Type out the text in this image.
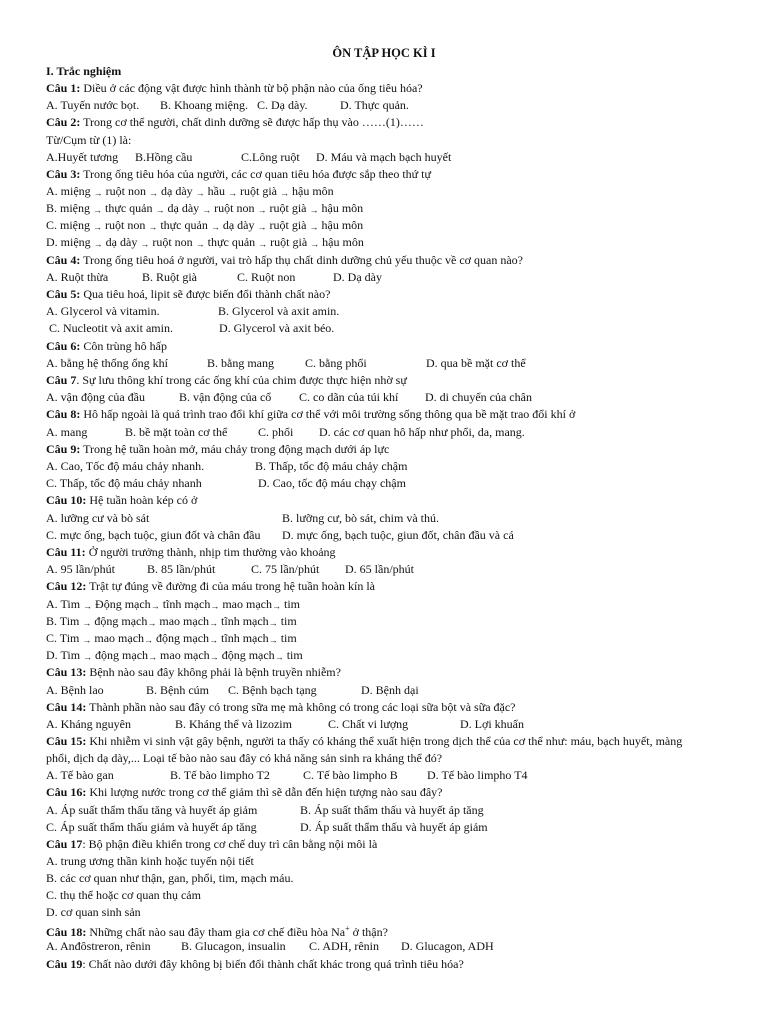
ÔN TẬP HỌC KÌ I
I. Trắc nghiệm
Câu 1: Diều ở các động vật được hình thành từ bộ phận nào của ống tiêu hóa?
A. Tuyến nước bọt. B. Khoang miệng. C. Dạ dày.	D. Thực quản.
Câu 2: Trong cơ thể người, chất dinh dưỡng sẽ được hấp thụ vào ……(1)……
Từ/Cụm từ (1) là:
A.Huyết tương B.Hồng cầu	C.Lông ruột D. Máu và mạch bạch huyết
Câu 3: Trong ống tiêu hóa của người, các cơ quan tiêu hóa được sắp theo thứ tự
A. miệng → ruột non → dạ dày → hầu → ruột già → hậu môn
B. miệng → thực quản → dạ dày → ruột non → ruột già → hậu môn
C. miệng → ruột non → thực quản → dạ dày → ruột già → hậu môn
D. miệng → dạ dày → ruột non → thực quản → ruột già → hậu môn
Câu 4: Trong ống tiêu hoá ở người, vai trò hấp thụ chất dinh dưỡng chủ yếu thuộc về cơ quan nào?
A. Ruột thừa	B. Ruột già	C. Ruột non	D. Dạ dày
Câu 5: Qua tiêu hoá, lipit sẽ được biến đổi thành chất nào?
A. Glycerol và vitamin.	B. Glycerol và axit amin.
C. Nucleotit và axit amin.	D. Glycerol và axit béo.
Câu 6: Côn trùng hô hấp
A. bằng hệ thống ống khí	B. bằng mang	C. bằng phổi	D. qua bề mặt cơ thể
Câu 7. Sự lưu thông khí trong các ống khí của chim được thực hiện nhờ sự
A. vận động của đầu	B. vận động của cổ C. co dãn của túi khí D. di chuyển của chân
Câu 8: Hô hấp ngoài là quá trình trao đổi khí giữa cơ thể với môi trường sống thông qua bề mặt trao đổi khí ở
A. mang	B. bề mặt toàn cơ thể	C. phổi D. các cơ quan hô hấp như phổi, da, mang.
Câu 9: Trong hệ tuần hoàn mở, máu chảy trong động mạch dưới áp lực
A. Cao, Tốc độ máu chảy nhanh.	B. Thấp, tốc độ máu chảy chậm
C. Thấp, tốc độ máu chảy nhanh	D. Cao, tốc độ máu chạy chậm
Câu 10: Hệ tuần hoàn kép có ở
A. lưỡng cư và bò sát	B. lưỡng cư, bò sát, chim và thú.
C. mực ống, bạch tuộc, giun đốt và chân đầu D. mực ống, bạch tuộc, giun đốt, chân đầu và cá
Câu 11: Ở người trưởng thành, nhịp tim thường vào khoảng
A. 95 lần/phút	B. 85 lần/phút	C. 75 lần/phút D. 65 lần/phút
Câu 12: Trật tự đúng về đường đi của máu trong hệ tuần hoàn kín là
A. Tim → Động mạch→ tĩnh mạch→ mao mạch→ tim
B. Tim → động mạch→ mao mạch→ tĩnh mạch→ tim
C. Tim → mao mạch→ động mạch→ tĩnh mạch→ tim
D. Tim → động mạch→ mao mạch→ động mạch→ tim
Câu 13: Bệnh nào sau đây không phải là bệnh truyền nhiễm?
A. Bệnh lao	B. Bệnh cúm C. Bệnh bạch tạng	D. Bệnh dại
Câu 14: Thành phần nào sau đây có trong sữa mẹ mà không có trong các loại sữa bột và sữa đặc?
A. Kháng nguyên	B. Kháng thể và lizozim	C. Chất vi lượng	D. Lợi khuẩn
Câu 15: Khi nhiễm vi sinh vật gây bệnh, người ta thấy có kháng thể xuất hiện trong dịch thể của cơ thể như: máu, bạch huyết, màng
phổi, dịch dạ dày,... Loại tế bào nào sau đây có khả năng sản sinh ra kháng thể đó?
A. Tế bào gan	B. Tế bào limpho T2	C. Tế bào limpho B D. Tế bào limpho T4
Câu 16: Khi lượng nước trong cơ thể giảm thì sẽ dẫn đến hiện tượng nào sau đây?
A. Áp suất thẩm thấu tăng và huyết áp giảm	B. Áp suất thẩm thấu và huyết áp tăng
C. Áp suất thẩm thấu giảm và huyết áp tăng	D. Áp suất thẩm thấu và huyết áp giảm
Câu 17: Bộ phận điều khiển trong cơ chế duy trì cân bằng nội môi là
A. trung ương thần kinh hoặc tuyến nội tiết
B. các cơ quan như thận, gan, phổi, tim, mạch máu.
C. thụ thể hoặc cơ quan thụ cảm
D. cơ quan sinh sản
Câu 18: Những chất nào sau đây tham gia cơ chế điều hòa Na+ ở thận?
A. Anđôstreron, rênin	B. Glucagon, insualin C. ADH, rênin D. Glucagon, ADH
Câu 19: Chất nào dưới đây không bị biến đổi thành chất khác trong quá trình tiêu hóa?
